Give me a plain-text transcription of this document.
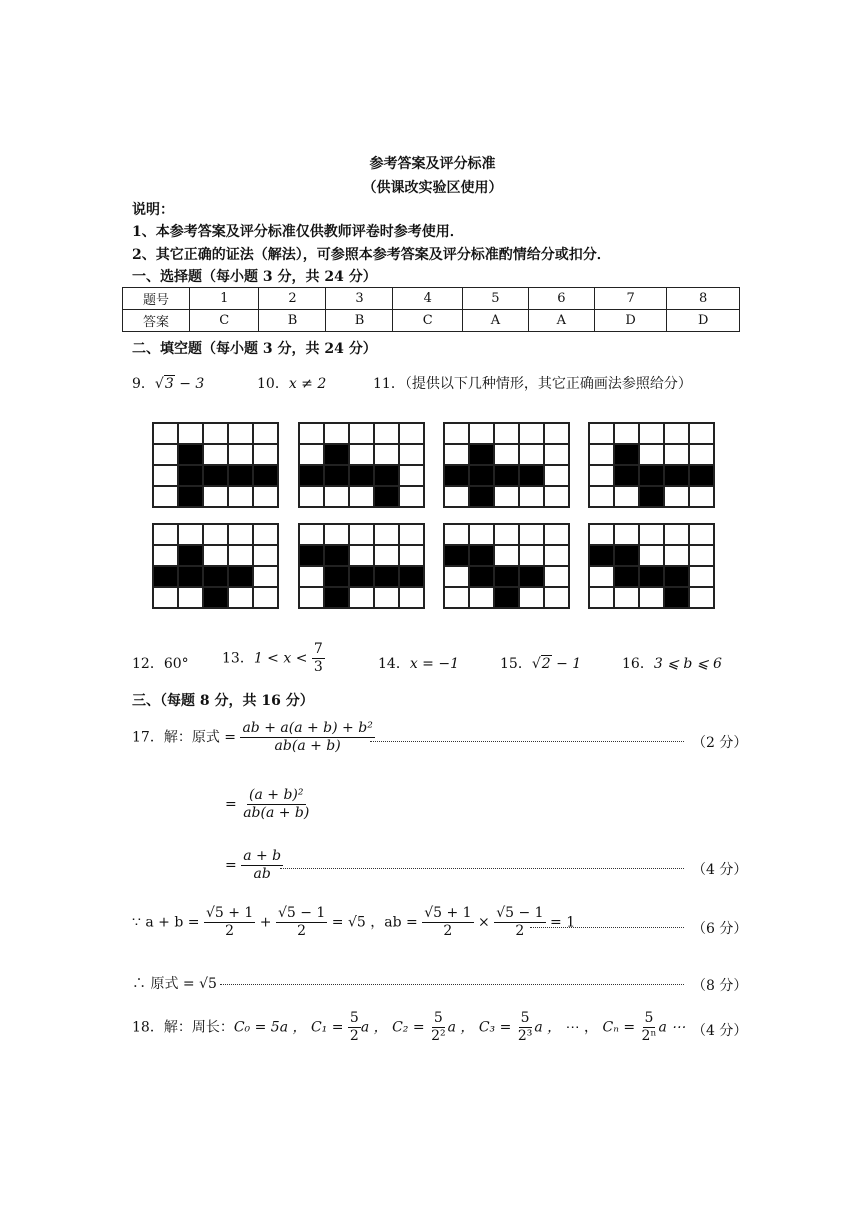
参考答案及评分标准
（供课改实验区使用）
说明：
1、本参考答案及评分标准仅供教师评卷时参考使用．
2、其它正确的证法（解法），可参照本参考答案及评分标准酌情给分或扣分．
一、选择题（每小题 3 分，共 24 分）
题号	1	2	3	4	5	6	7	8
答案	C	B	B	C	A	A	D	D
二、填空题（每小题 3 分，共 24 分）
9．√3 − 3	10．x ≠ 2	11．（提供以下几种情形，其它正确画法参照给分）
12．60° 13．$1 < x < \frac{7}{3}$	14．x = −1	15．√2 − 1	16．3 ⩽ b ⩽ 6
三、（每题 8 分，共 16 分）
17．解：原式 = $\frac{\text{ab + a(a + b) + b²}}{ab(a + b)}$	（2 分）
= $\frac{\text{(a + b)²}}{ab(a + b)}$
= $\frac{a + b}{ab}$	（4 分）
∵ $a + b = \frac{√5 + 1}{2} + \frac{√5 - 1}{2} = √5$ ，ab = $\frac{√5 + 1}{2} \times \frac{√5 - 1}{2} = 1$	（6 分）
∴ 原式 = √5	（8 分）
18．解：周长：C₀ = 5a ， $C_1 = \frac{5}{2}$ a ， $C_2 = \frac{5}{\text{2²}}$ a ， $C_3 = \frac{5}{\text{2³}}$ a ， ⋯ ， $C_n = \frac{5}{\text{2ⁿ}}$ a ⋯ （4 分）
